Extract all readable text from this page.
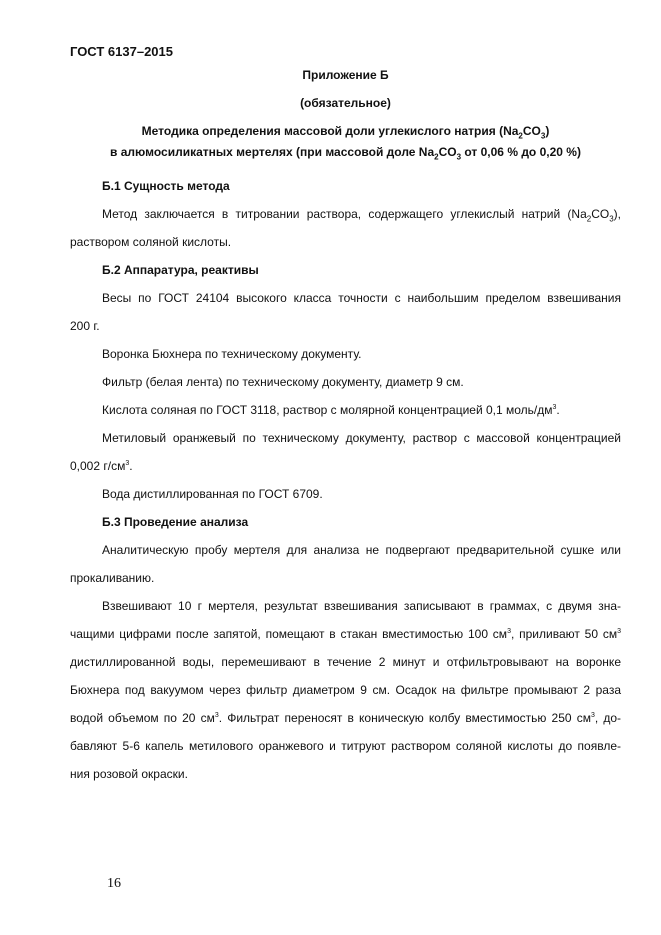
ГОСТ 6137–2015
Приложение Б
(обязательное)
Методика определения массовой доли углекислого натрия $(Na_2CO_3)$
в алюмосиликатных мертелях (при массовой доле $Na_2CO_3$ от 0,06 % до 0,20 %)
Б.1 Сущность метода
Метод заключается в титровании раствора, содержащего углекислый натрий $(Na_2CO_3)$,
раствором соляной кислоты.
Б.2 Аппаратура, реактивы
Весы по ГОСТ 24104 высокого класса точности с наибольшим пределом взвешивания
200 г.
Воронка Бюхнера по техническому документу.
Фильтр (белая лента) по техническому документу, диаметр 9 см.
Кислота соляная по ГОСТ 3118, раствор с молярной концентрацией 0,1 моль/$дм^3$.
Метиловый оранжевый по техническому документу, раствор с массовой концентрацией
0,002 $г/см^3$.
Вода дистиллированная по ГОСТ 6709.
Б.3 Проведение анализа
Аналитическую пробу мертеля для анализа не подвергают предварительной сушке или
прокаливанию.
Взвешивают 10 г мертеля, результат взвешивания записывают в граммах, с двумя зна-
чащими цифрами после запятой, помещают в стакан вместимостью 100 $см^3$, приливают 50 $см^3$
дистиллированной воды, перемешивают в течение 2 минут и отфильтровывают на воронке
Бюхнера под вакуумом через фильтр диаметром 9 см. Осадок на фильтре промывают 2 раза
водой объемом по 20 $см^3$. Фильтрат переносят в коническую колбу вместимостью 250 $см^3$, до-
бавляют 5-6 капель метилового оранжевого и титруют раствором соляной кислоты до появле-
ния розовой окраски.
16
